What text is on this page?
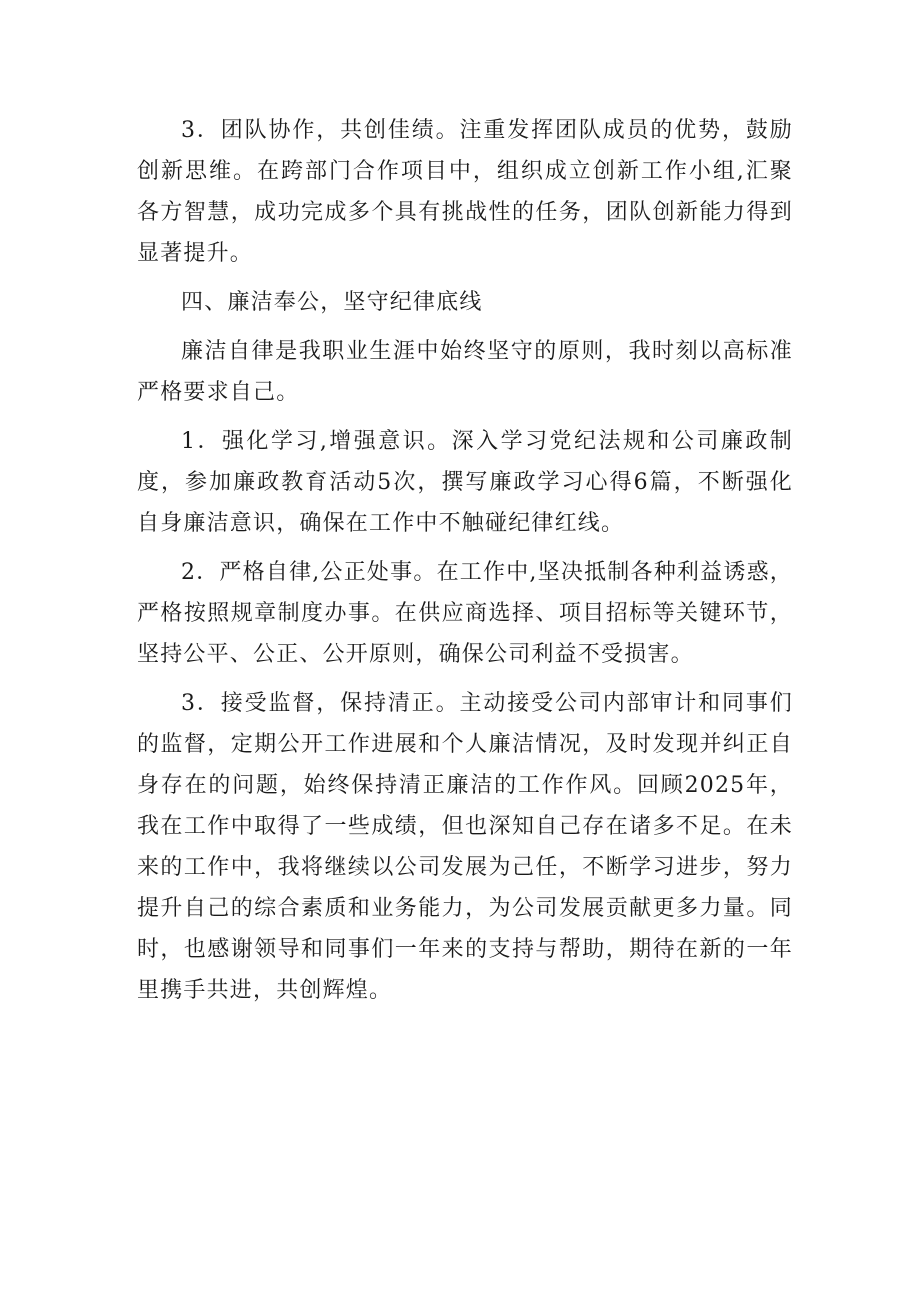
3．团队协作，共创佳绩。注重发挥团队成员的优势，鼓励创新思维。在跨部门合作项目中，组织成立创新工作小组,汇聚各方智慧，成功完成多个具有挑战性的任务，团队创新能力得到显著提升。

四、廉洁奉公，坚守纪律底线

廉洁自律是我职业生涯中始终坚守的原则，我时刻以高标准严格要求自己。

1．强化学习,增强意识。深入学习党纪法规和公司廉政制度，参加廉政教育活动5次，撰写廉政学习心得6篇，不断强化自身廉洁意识，确保在工作中不触碰纪律红线。

2．严格自律,公正处事。在工作中,坚决抵制各种利益诱惑，严格按照规章制度办事。在供应商选择、项目招标等关键环节，坚持公平、公正、公开原则，确保公司利益不受损害。

3．接受监督，保持清正。主动接受公司内部审计和同事们的监督，定期公开工作进展和个人廉洁情况，及时发现并纠正自身存在的问题，始终保持清正廉洁的工作作风。回顾2025年，我在工作中取得了一些成绩，但也深知自己存在诸多不足。在未来的工作中，我将继续以公司发展为己任，不断学习进步，努力提升自己的综合素质和业务能力，为公司发展贡献更多力量。同时，也感谢领导和同事们一年来的支持与帮助，期待在新的一年里携手共进，共创辉煌。
